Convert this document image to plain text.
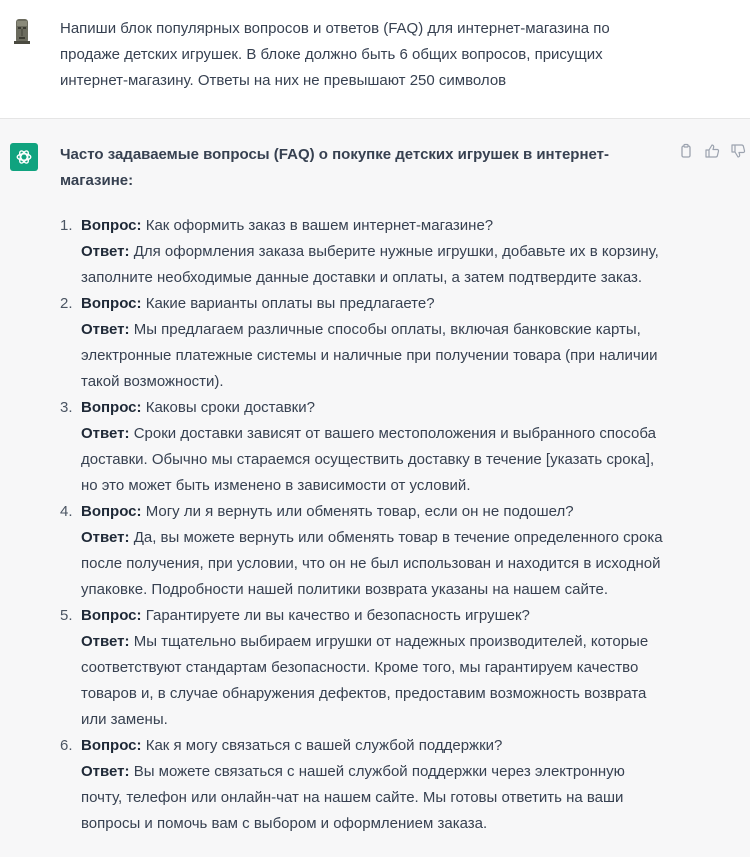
Напиши блок популярных вопросов и ответов (FAQ) для интернет-магазина по
продаже детских игрушек. В блоке должно быть 6 общих вопросов, присущих
интернет-магазину. Ответы на них не превышают 250 символов
Часто задаваемые вопросы (FAQ) о покупке детских игрушек в интернет-
магазине:
1. Вопрос: Как оформить заказ в вашем интернет-магазине?
Ответ: Для оформления заказа выберите нужные игрушки, добавьте их в корзину,
заполните необходимые данные доставки и оплаты, а затем подтвердите заказ.
2. Вопрос: Какие варианты оплаты вы предлагаете?
Ответ: Мы предлагаем различные способы оплаты, включая банковские карты,
электронные платежные системы и наличные при получении товара (при наличии
такой возможности).
3. Вопрос: Каковы сроки доставки?
Ответ: Сроки доставки зависят от вашего местоположения и выбранного способа
доставки. Обычно мы стараемся осуществить доставку в течение [указать срока],
но это может быть изменено в зависимости от условий.
4. Вопрос: Могу ли я вернуть или обменять товар, если он не подошел?
Ответ: Да, вы можете вернуть или обменять товар в течение определенного срока
после получения, при условии, что он не был использован и находится в исходной
упаковке. Подробности нашей политики возврата указаны на нашем сайте.
5. Вопрос: Гарантируете ли вы качество и безопасность игрушек?
Ответ: Мы тщательно выбираем игрушки от надежных производителей, которые
соответствуют стандартам безопасности. Кроме того, мы гарантируем качество
товаров и, в случае обнаружения дефектов, предоставим возможность возврата
или замены.
6. Вопрос: Как я могу связаться с вашей службой поддержки?
Ответ: Вы можете связаться с нашей службой поддержки через электронную
почту, телефон или онлайн-чат на нашем сайте. Мы готовы ответить на ваши
вопросы и помочь вам с выбором и оформлением заказа.
